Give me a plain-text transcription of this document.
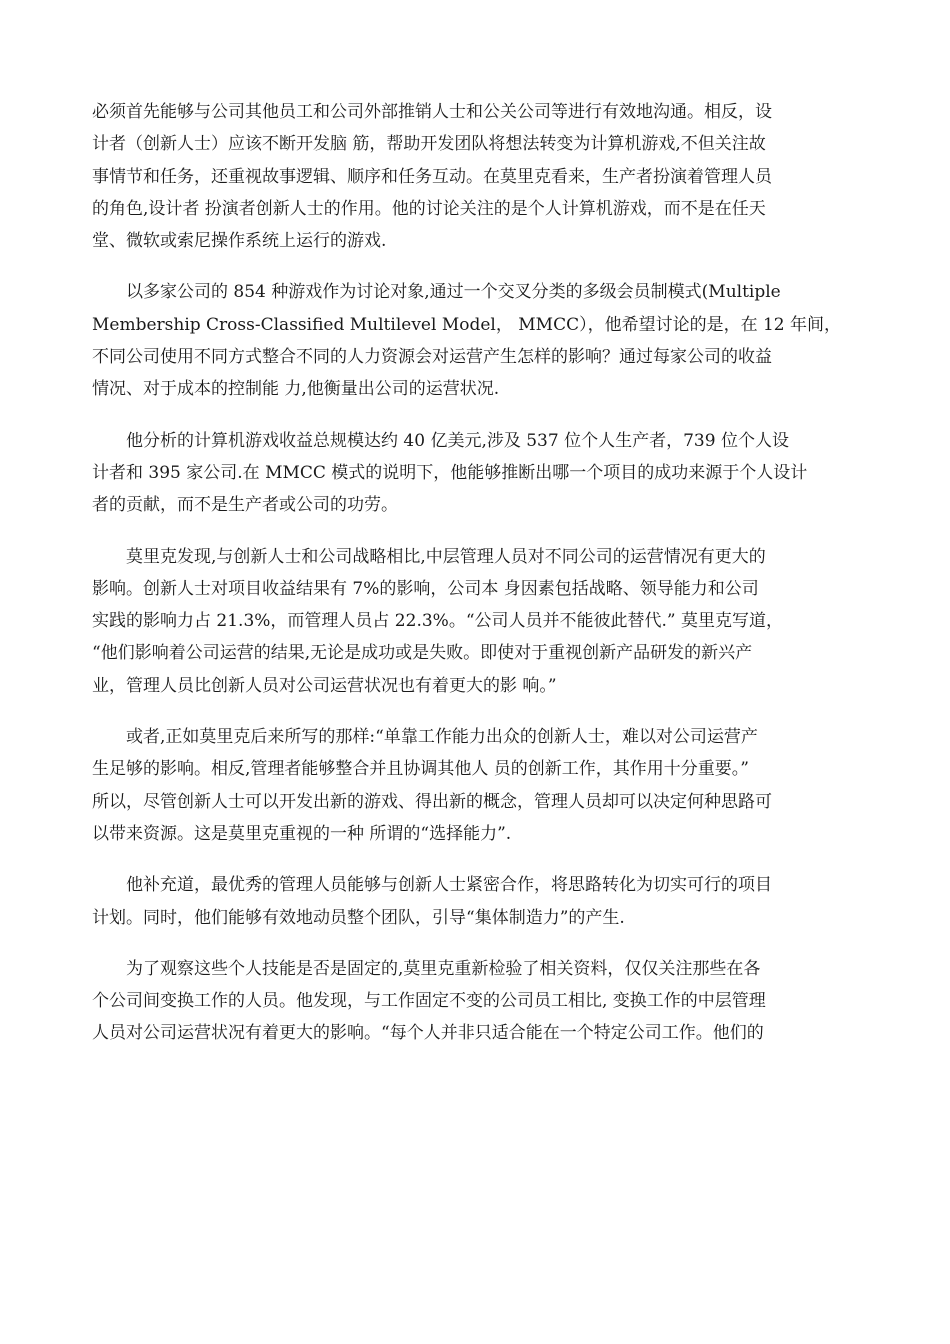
必须首先能够与公司其他员工和公司外部推销人士和公关公司等进行有效地沟通。相反，设
计者（创新人士）应该不断开发脑 筋，帮助开发团队将想法转变为计算机游戏,不但关注故
事情节和任务，还重视故事逻辑、顺序和任务互动。在莫里克看来，生产者扮演着管理人员
的角色,设计者 扮演者创新人士的作用。他的讨论关注的是个人计算机游戏，而不是在任天
堂、微软或索尼操作系统上运行的游戏.

　　以多家公司的 854 种游戏作为讨论对象,通过一个交叉分类的多级会员制模式(Multiple
Membership Cross-Classified Multilevel Model， MMCC），他希望讨论的是，在 12 年间，
不同公司使用不同方式整合不同的人力资源会对运营产生怎样的影响？通过每家公司的收益
情况、对于成本的控制能 力,他衡量出公司的运营状况.

　　他分析的计算机游戏收益总规模达约 40 亿美元,涉及 537 位个人生产者，739 位个人设
计者和 395 家公司.在 MMCC 模式的说明下，他能够推断出哪一个项目的成功来源于个人设计
者的贡献，而不是生产者或公司的功劳。

　　莫里克发现,与创新人士和公司战略相比,中层管理人员对不同公司的运营情况有更大的
影响。创新人士对项目收益结果有 7%的影响，公司本 身因素包括战略、领导能力和公司
实践的影响力占 21.3%，而管理人员占 22.3%。“公司人员并不能彼此替代.” 莫里克写道，
“他们影响着公司运营的结果,无论是成功或是失败。即使对于重视创新产品研发的新兴产
业，管理人员比创新人员对公司运营状况也有着更大的影 响。”

　　或者,正如莫里克后来所写的那样:“单靠工作能力出众的创新人士，难以对公司运营产
生足够的影响。相反,管理者能够整合并且协调其他人 员的创新工作，其作用十分重要。”
所以，尽管创新人士可以开发出新的游戏、得出新的概念，管理人员却可以决定何种思路可
以带来资源。这是莫里克重视的一种 所谓的“选择能力”.

　　他补充道，最优秀的管理人员能够与创新人士紧密合作，将思路转化为切实可行的项目
计划。同时，他们能够有效地动员整个团队，引导“集体制造力”的产生.

　　为了观察这些个人技能是否是固定的,莫里克重新检验了相关资料，仅仅关注那些在各
个公司间变换工作的人员。他发现，与工作固定不变的公司员工相比, 变换工作的中层管理
人员对公司运营状况有着更大的影响。“每个人并非只适合能在一个特定公司工作。他们的
